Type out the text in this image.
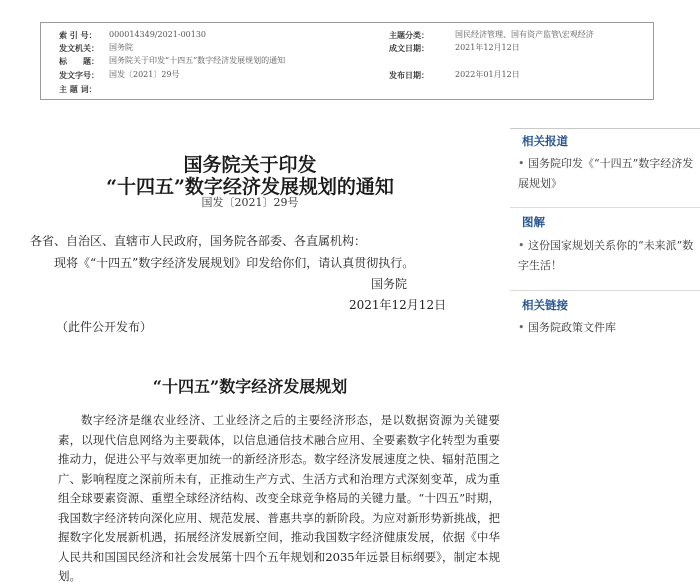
索 引 号： 000014349/2021-00130	主题分类：	国民经济管理、国有资产监管\宏观经济
发文机关： 国务院	成文日期：	2021年12月12日
标　　题： 国务院关于印发“十四五”数字经济发展规划的通知
发文字号： 国发〔2021〕29号	发布日期：	2022年01月12日
主 题 词：
国务院关于印发
“十四五”数字经济发展规划的通知
国发〔2021〕29号
各省、自治区、直辖市人民政府，国务院各部委、各直属机构：
现将《“十四五”数字经济发展规划》印发给你们，请认真贯彻执行。
国务院
2021年12月12日
（此件公开发布）
“十四五”数字经济发展规划
数字经济是继农业经济、工业经济之后的主要经济形态，是以数据资源为关键要素，以现代信息网络为主要载体，以信息通信技术融合应用、全要素数字化转型为重要推动力，促进公平与效率更加统一的新经济形态。数字经济发展速度之快、辐射范围之广、影响程度之深前所未有，正推动生产方式、生活方式和治理方式深刻变革，成为重组全球要素资源、重塑全球经济结构、改变全球竞争格局的关键力量。“十四五”时期，我国数字经济转向深化应用、规范发展、普惠共享的新阶段。为应对新形势新挑战，把握数字化发展新机遇，拓展经济发展新空间，推动我国数字经济健康发展，依据《中华人民共和国国民经济和社会发展第十四个五年规划和2035年远景目标纲要》，制定本规划。
相关报道
• 国务院印发《“十四五”数字经济发展规划》
图解
• 这份国家规划关系你的“未来派”数字生活！
相关链接
• 国务院政策文件库
